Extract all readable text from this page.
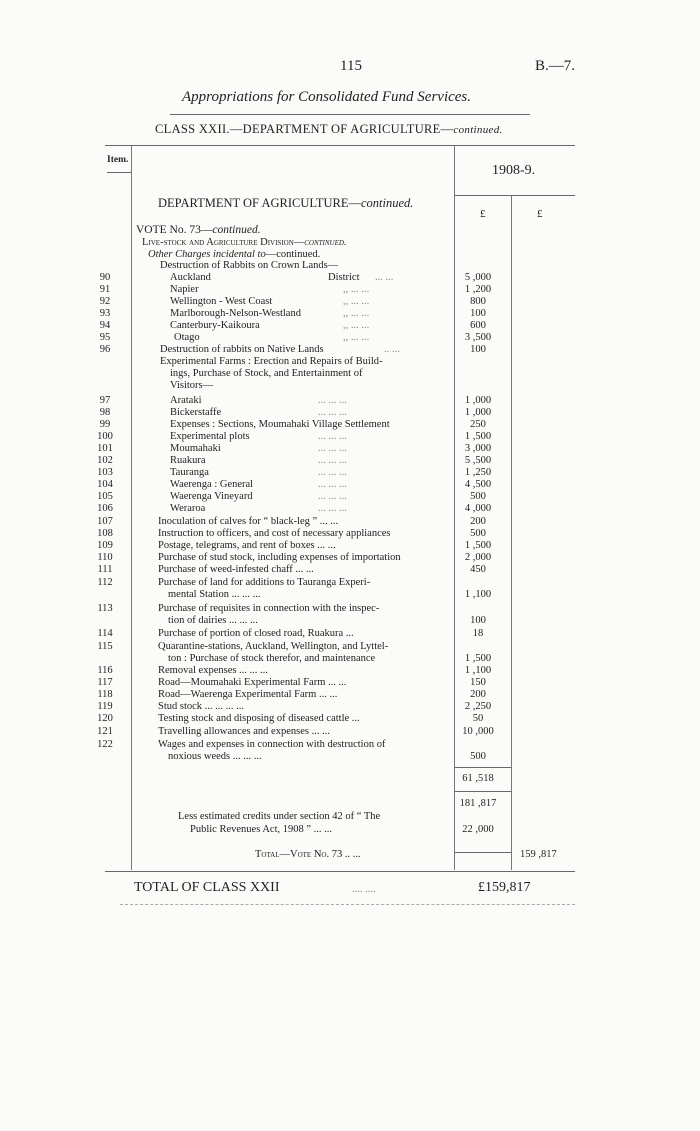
115	B.—7.
Appropriations for Consolidated Fund Services.
CLASS XXII.—DEPARTMENT OF AGRICULTURE—continued.
Item.
1908-9.
£	£
DEPARTMENT OF AGRICULTURE—continued.
VOTE No. 73—continued.
Live-stock and Agriculture Division—continued.
Other Charges incidental to—continued.
Destruction of Rabbits on Crown Lands—
District
90	Auckland	... ...	5 ,000
91	Napier	,, ... ...	1 ,200
92	Wellington - West Coast	,, ... ...	800
93	Marlborough-Nelson-Westland	,, ... ...	100
94	Canterbury-Kaikoura	,, ... ...	600
95	Otago	,, ... ...	3 ,500
96	Destruction of rabbits on Native Lands	.. ...	100
Experimental Farms : Erection and Repairs of Build-
ings, Purchase of Stock, and Entertainment of
Visitors—
97	Arataki	... ... ...	1 ,000
98	Bickerstaffe	... ... ...	1 ,000
99	Expenses : Sections, Moumahaki Village Settlement	250
100	Experimental plots	... ... ...	1 ,500
101	Moumahaki	... ... ...	3 ,000
102	Ruakura	... ... ...	5 ,500
103	Tauranga	... ... ...	1 ,250
104	Waerenga : General	... ... ...	4 ,500
105	Waerenga Vineyard	... ... ...	500
106	Weraroa	... ... ...	4 ,000
107	Inoculation of calves for “ black-leg ” ... ...	200
108	Instruction to officers, and cost of necessary appliances	500
109	Postage, telegrams, and rent of boxes ... ...	1 ,500
110	Purchase of stud stock, including expenses of importation	2 ,000
111	Purchase of weed-infested chaff ... ...	450
112	Purchase of land for additions to Tauranga Experi-
mental Station ... ... ...	1 ,100
113	Purchase of requisites in connection with the inspec-
tion of dairies ... ... ...	100
114	Purchase of portion of closed road, Ruakura ...	18
115	Quarantine-stations, Auckland, Wellington, and Lyttel-
ton : Purchase of stock therefor, and maintenance	1 ,500
116	Removal expenses ... ... ...	1 ,100
117	Road—Moumahaki Experimental Farm ... ...	150
118	Road—Waerenga Experimental Farm ... ...	200
119	Stud stock ... ... ... ...	2 ,250
120	Testing stock and disposing of diseased cattle ...	50
121	Travelling allowances and expenses ... ...	10 ,000
122	Wages and expenses in connection with destruction of
noxious weeds ... ... ...	500
61 ,518
181 ,817
Less estimated credits under section 42 of “ The
Public Revenues Act, 1908 ” ... ...	22 ,000
Total—Vote No. 73 .. ...	159 ,817
TOTAL OF CLASS XXII	.... ....	£159,817
